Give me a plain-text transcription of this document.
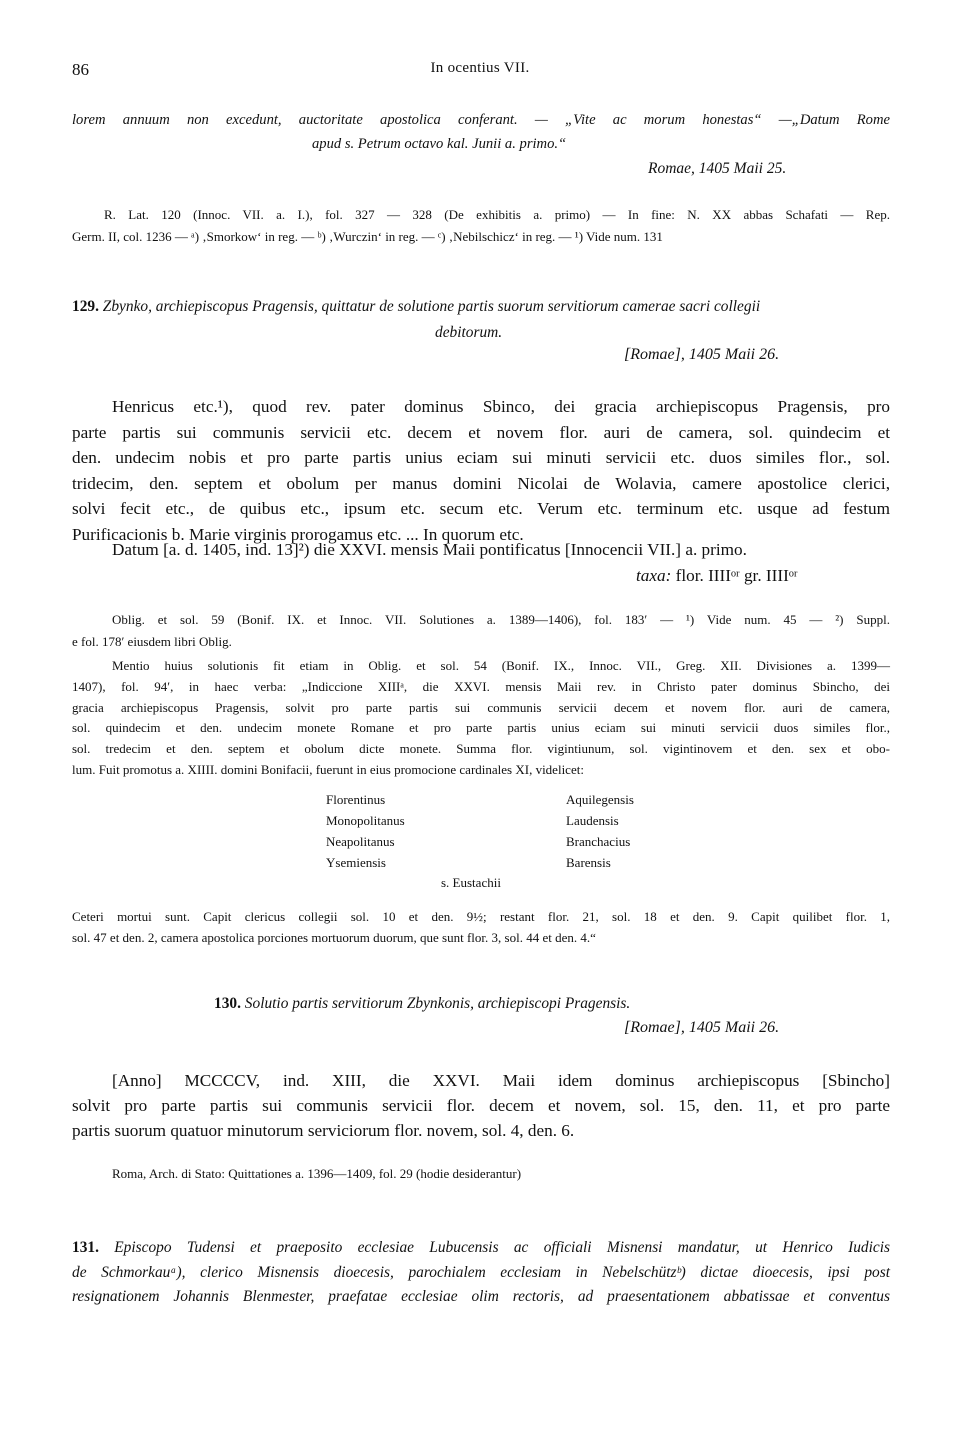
86	In ocentius VII.
lorem annuum non excedunt, auctoritate apostolica conferant. — „Vite ac morum honestas“ —„Datum Rome
apud s. Petrum octavo kal. Junii a. primo.“
Romae, 1405 Maii 25.
R. Lat. 120 (Innoc. VII. a. I.), fol. 327 — 328 (De exhibitis a. primo) — In fine: N. XX abbas Schafati — Rep.
Germ. II, col. 1236 — ᵃ) ‚Smorkow‘ in reg. — ᵇ) ‚Wurczin‘ in reg. — ᶜ) ‚Nebilschicz‘ in reg. — ¹) Vide num. 131
129. Zbynko, archiepiscopus Pragensis, quittatur de solutione partis suorum servitiorum camerae sacri collegii
debitorum.
[Romae], 1405 Maii 26.
Henricus etc.¹), quod rev. pater dominus Sbinco, dei gracia archiepiscopus Pragensis, pro
parte partis sui communis servicii etc. decem et novem flor. auri de camera, sol. quindecim et
den. undecim nobis et pro parte partis unius eciam sui minuti servicii etc. duos similes flor., sol.
tridecim, den. septem et obolum per manus domini Nicolai de Wolavia, camere apostolice clerici,
solvi fecit etc., de quibus etc., ipsum etc. secum etc. Verum etc. terminum etc. usque ad festum
Purificacionis b. Marie virginis prorogamus etc. ... In quorum etc.
Datum [a. d. 1405, ind. 13]²) die XXVI. mensis Maii pontificatus [Innocencii VII.] a. primo.
taxa: flor. IIIIᵒʳ gr. IIIIᵒʳ
Oblig. et sol. 59 (Bonif. IX. et Innoc. VII. Solutiones a. 1389—1406), fol. 183′ — ¹) Vide num. 45 — ²) Suppl.
e fol. 178′ eiusdem libri Oblig.
Mentio huius solutionis fit etiam in Oblig. et sol. 54 (Bonif. IX., Innoc. VII., Greg. XII. Divisiones a. 1399—
1407), fol. 94′, in haec verba: „Indiccione XIIIᵃ, die XXVI. mensis Maii rev. in Christo pater dominus Sbincho, dei
gracia archiepiscopus Pragensis, solvit pro parte partis sui communis servicii decem et novem flor. auri de camera,
sol. quindecim et den. undecim monete Romane et pro parte partis unius eciam sui minuti servicii duos similes flor.,
sol. tredecim et den. septem et obolum dicte monete. Summa flor. vigintiunum, sol. vigintinovem et den. sex et obo-
lum. Fuit promotus a. XIIII. domini Bonifacii, fuerunt in eius promocione cardinales XI, videlicet:
Florentinus
Monopolitanus
Neapolitanus
Ysemiensis
Aquilegensis
Laudensis
Branchacius
Barensis
s. Eustachii
Ceteri mortui sunt. Capit clericus collegii sol. 10 et den. 9½; restant flor. 21, sol. 18 et den. 9. Capit quilibet flor. 1,
sol. 47 et den. 2, camera apostolica porciones mortuorum duorum, que sunt flor. 3, sol. 44 et den. 4.“
130. Solutio partis servitiorum Zbynkonis, archiepiscopi Pragensis.
[Romae], 1405 Maii 26.
[Anno] MCCCCV, ind. XIII, die XXVI. Maii idem dominus archiepiscopus [Sbincho]
solvit pro parte partis sui communis servicii flor. decem et novem, sol. 15, den. 11, et pro parte
partis suorum quatuor minutorum serviciorum flor. novem, sol. 4, den. 6.
Roma, Arch. di Stato: Quittationes a. 1396—1409, fol. 29 (hodie desiderantur)
131. Episcopo Tudensi et praeposito ecclesiae Lubucensis ac officiali Misnensi mandatur, ut Henrico Iudicis
de Schmorkauᵃ), clerico Misnensis dioecesis, parochialem ecclesiam in Nebelschützᵇ) dictae dioecesis, ipsi post
resignationem Johannis Blenmester, praefatae ecclesiae olim rectoris, ad praesentationem abbatissae et conventus
